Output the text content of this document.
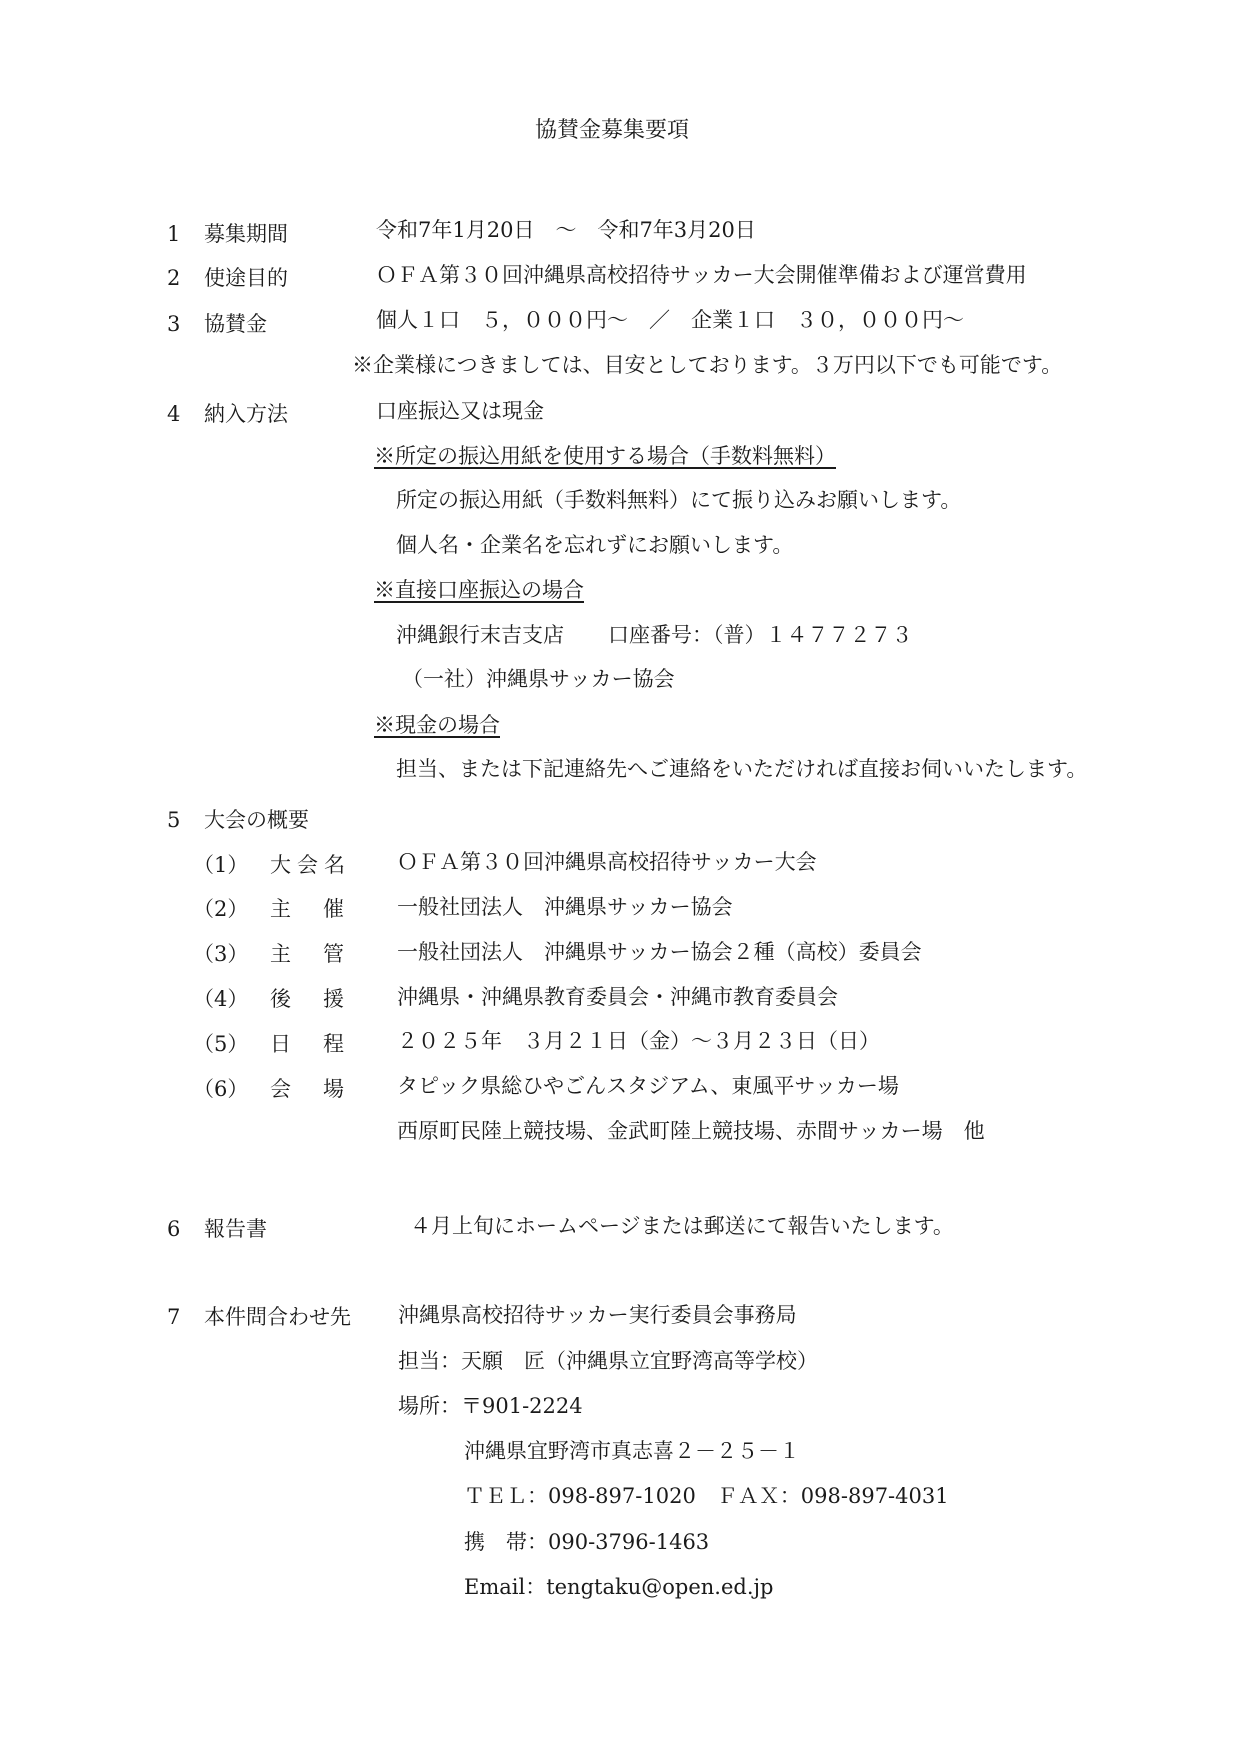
協賛金募集要項
1 募集期間	令和7年1月20日　～　令和7年3月20日
2 使途目的	ＯＦＡ第３０回沖縄県高校招待サッカー大会開催準備および運営費用
3 協賛金	個人１口　５，０００円～　／　企業１口　３０，０００円～
※企業様につきましては、目安としております。３万円以下でも可能です。
4 納入方法	口座振込又は現金
※所定の振込用紙を使用する場合（手数料無料）
所定の振込用紙（手数料無料）にて振り込みお願いします。
個人名・企業名を忘れずにお願いします。
※直接口座振込の場合
沖縄銀行末吉支店 口座番号：（普）１４７７２７３
（一社）沖縄県サッカー協会
※現金の場合
担当、または下記連絡先へご連絡をいただければ直接お伺いいたします。
5 大会の概要
（1） 大会名 ＯＦＡ第３０回沖縄県高校招待サッカー大会
（2） 主催 一般社団法人　沖縄県サッカー協会
（3） 主管 一般社団法人　沖縄県サッカー協会２種（高校）委員会
（4） 後援 沖縄県・沖縄県教育委員会・沖縄市教育委員会
（5） 日程 ２０２５年　３月２１日（金）～３月２３日（日）
（6） 会場 タピック県総ひやごんスタジアム、東風平サッカー場
西原町民陸上競技場、金武町陸上競技場、赤間サッカー場　他
6 報告書	４月上旬にホームページまたは郵送にて報告いたします。
7 本件問合わせ先 沖縄県高校招待サッカー実行委員会事務局
担当：天願　匠（沖縄県立宜野湾高等学校）
場所：〒901-2224
沖縄県宜野湾市真志喜２－２５－１
ＴＥＬ：098-897-1020　ＦＡＸ：098-897-4031
携　帯：090-3796-1463
Email：tengtaku@open.ed.jp
